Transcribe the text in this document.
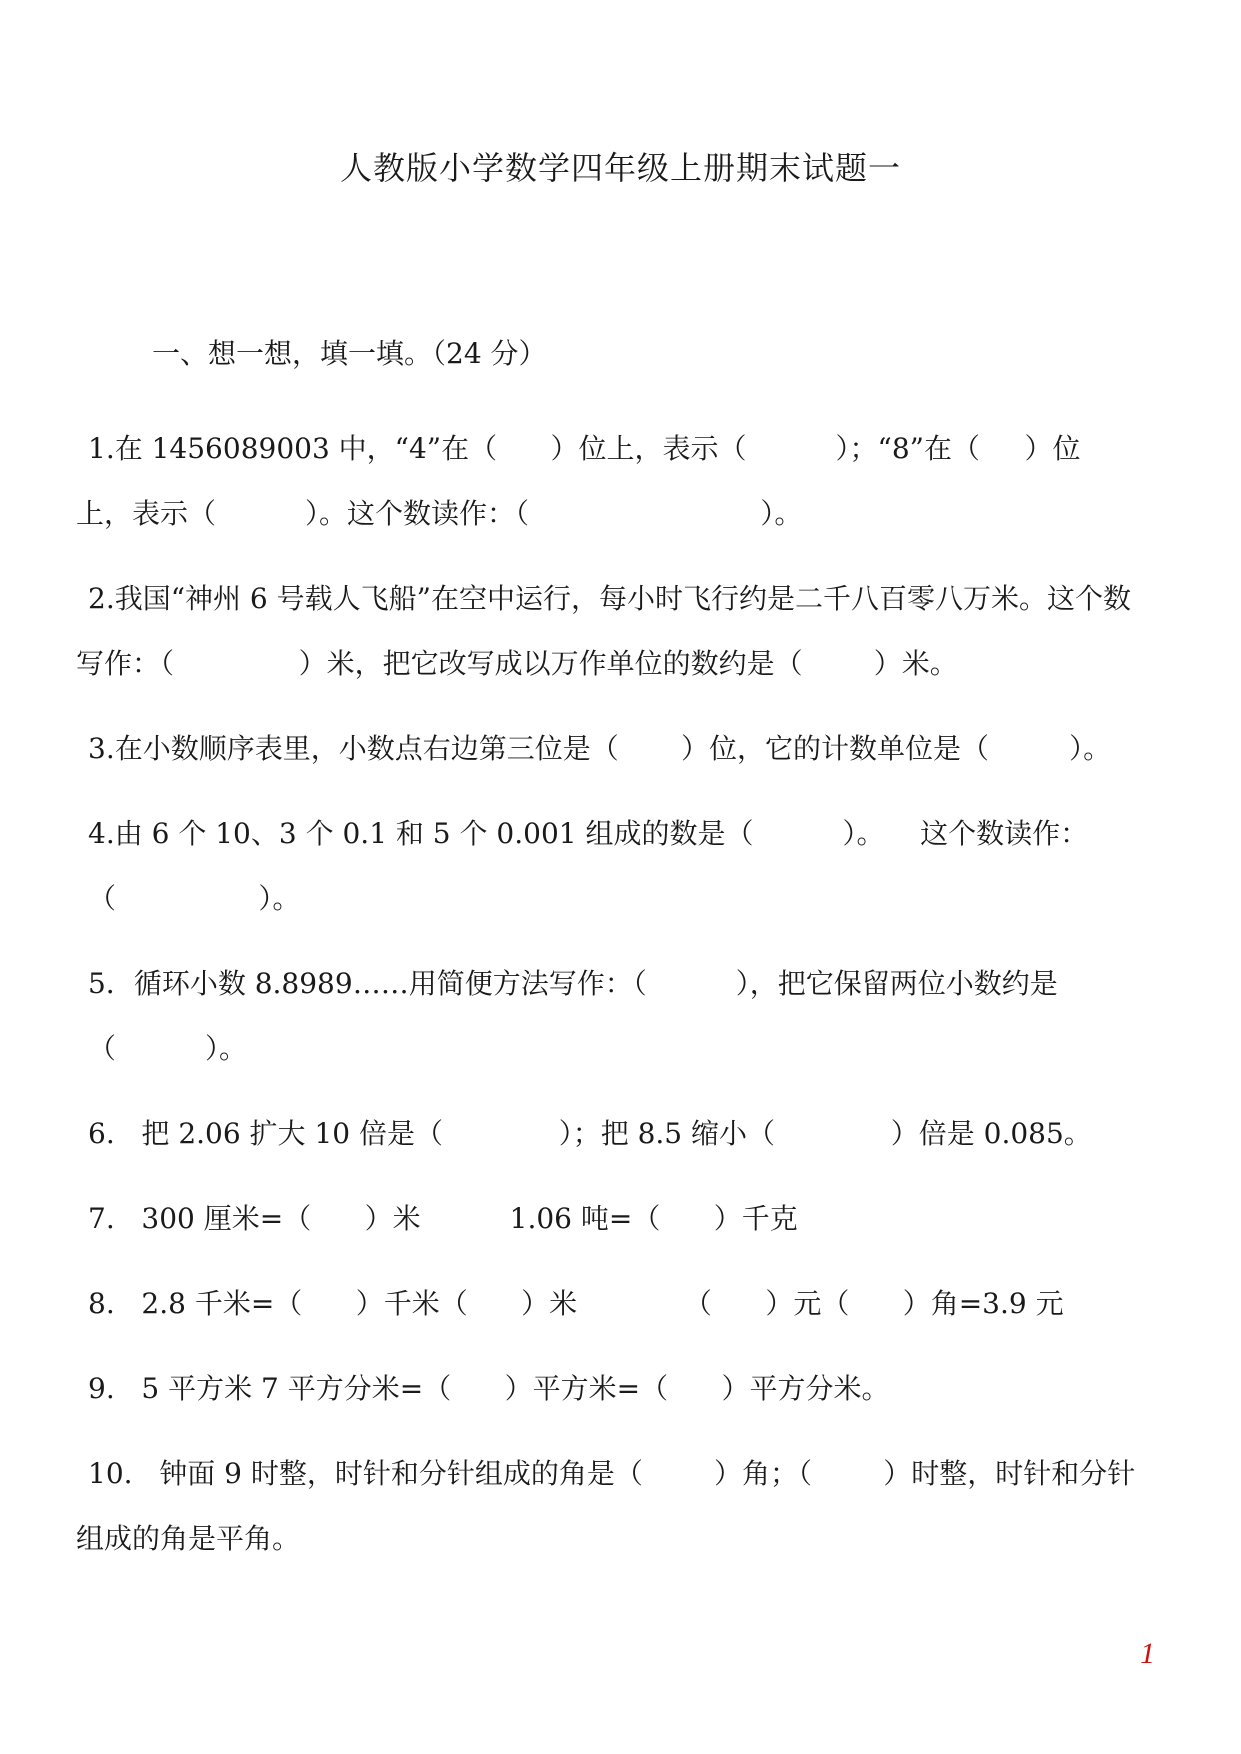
人教版小学数学四年级上册期末试题一
一、想一想，填一填。（24 分）
1.在 1456089003 中，“4”在（      ）位上，表示（          ）；“8”在（     ）位
上，表示（          ）。这个数读作：（                          ）。
2.我国“神州 6 号载人飞船”在空中运行，每小时飞行约是二千八百零八万米。这个数
写作：（              ）米，把它改写成以万作单位的数约是（        ）米。
3.在小数顺序表里，小数点右边第三位是（       ）位，它的计数单位是（         ）。
4.由 6 个 10、3 个 0.1 和 5 个 0.001 组成的数是（          ）。    这个数读作：
（                ）。
5．循环小数 8.8989……用简便方法写作：（          ），把它保留两位小数约是
（          ）。
6.   把 2.06 扩大 10 倍是（             ）；把 8.5 缩小（             ）倍是 0.085。
7.   300 厘米=（      ）米          1.06 吨=（      ）千克
8.   2.8 千米=（      ）千米（      ）米            （      ）元（      ）角=3.9 元
9.   5 平方米 7 平方分米=（      ）平方米=（      ）平方分米。
10.   钟面 9 时整，时针和分针组成的角是（        ）角；（        ）时整，时针和分针
组成的角是平角。
1
